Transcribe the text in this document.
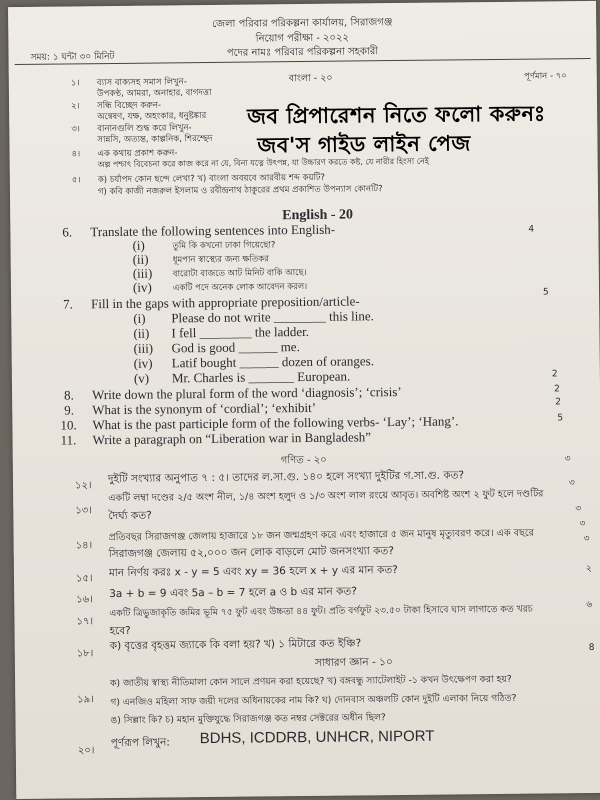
জেলা পরিবার পরিকল্পনা কার্যালয়, সিরাজগঞ্জ
নিয়োগ পরীক্ষা - ২০২২
পদের নামঃ পরিবার পরিকল্পনা সহকারী
সময়: ১ ঘন্টা ৩০ মিনিট
বাংলা - ২০	পূর্ণমান - ৭০
১। ব্যাস বাক্যসহ সমাস লিখুন-
উপকণ্ঠ, আমরা, অনাহার, বাগদত্তা
২। সন্ধি বিচ্ছেদ করুন-
অন্বেষণ, যক্ষ, অহংকার, ধনুষ্টঙ্কার
৩। বানানগুলি শুদ্ধ করে লিখুন-
সান্নসি, অত্যন্ত, কাল্পনিক, শিরশ্ছেদ
৪। এক কথায় প্রকাশ করুন-
অল্প পশ্চাৎ বিবেচনা করে কাজ করে না যে, বিনা যত্নে উৎপন্ন, যা উচ্চারণ করতে কষ্ট, যে নারীর হিংসা নেই
৫। ক) চর্যাপদ কোন ছন্দে লেখা? খ) বাংলা অবয়বে আরবীয় শব্দ কয়টি?
গ) কবি কাজী নজরুল ইসলাম ও রবীন্দ্রনাথ ঠাকুরের প্রথম প্রকাশিত উপন্যাস কোনটি?
জব প্রিপারেশন নিতে ফলো করুনঃ
জব'স গাইড লাইন পেজ
English - 20
6. Translate the following sentences into English-	4
(i)	তুমি কি কখনো ঢাকা গিয়েছো?
(ii)	ধূমপান স্বাস্থ্যের জন্য ক্ষতিকর
(iii) বারোটা বাজতে আট মিনিট বাকি আছে।
(iv) একটি পদে অনেক লোক আবেদন করল।
7. Fill in the gaps with appropriate preposition/article-
5
(i) Please do not write ________ this line.
(ii) I fell ________ the ladder.
(iii) God is good ______ me.
(iv) Latif bought ______ dozen of oranges.
(v) Mr. Charles is _______ European.
8. Write down the plural form of the word ‘diagnosis’; ‘crisis’
2
9. What is the synonym of ‘cordial’; ‘exhibit’
2
10. What is the past participle form of the following verbs- ‘Lay’; ‘Hang’.
2
11. Write a paragraph on “Liberation war in Bangladesh”
5
গণিত - ২০
১২।
দুইটি সংখ্যার অনুপাত ৭ : ৫। তাদের ল.সা.গু. ১৪০ হলে সংখ্যা দুইটির গ.সা.গু. কত?
৩
১৩।
একটি লম্বা দণ্ডের ২/৫ অংশ নীল, ১/৪ অংশ হলুদ ও ১/৩ অংশ লাল রংয়ে আবৃত। অবশিষ্ট অংশ ২ ফুট হলে দণ্ডটির
দৈর্ঘ্য কত?
৩
১৪।
প্রতিবছর সিরাজগঞ্জ জেলায় হাজারে ১৮ জন জন্মগ্রহণ করে এবং হাজারে ৫ জন মানুষ মৃত্যুবরণ করে। এক বছরে
সিরাজগঞ্জ জেলায় ৫২,০০০ জন লোক বাড়লে মোট জনসংখ্যা কত?
৩
১৫। মান নির্ণয় করঃ x - y = 5 এবং xy = 36 হলে x + y এর মান কত?
৩
১৬। 3a + b = 9 এবং 5a – b = 7 হলে a ও b এর মান কত?
৩
১৭।
একটি ত্রিভুজাকৃতি জমির ভূমি ৭৫ ফুট এবং উচ্চতা ৪৪ ফুট। প্রতি বর্গফুট ২৩.৫০ টাকা হিসাবে ঘাস লাগাতে কত খরচ
হবে?
২
১৮।
ক) বৃত্তের বৃহত্তম জ্যাকে কি বলা হয়? খ) ১ মিটারে কত ইঞ্চি?
৬
সাধারণ জ্ঞান - ১০
১৯।
ক) জাতীয় স্বাস্থ্য নীতিমালা কোন সালে প্রণয়ন করা হয়েছে? খ) বঙ্গবন্ধু স্যাটেলাইট -১ কখন উৎক্ষেপণ করা হয়?
গ) এনজিও মহিলা সাফ জয়ী দলের অধিনায়কের নাম কি? ঘ) দোনবাস অঞ্চলটি কোন দুইটি এলাকা নিয়ে গঠিত?
ঙ) সিল্লাং কি? চ) মহান মুক্তিযুদ্ধে সিরাজগঞ্জ কত নম্বর সেক্টরের অধীন ছিল?
8
২০।
পূর্ণরূপ লিখুন: BDHS, ICDDRB, UNHCR, NIPORT
